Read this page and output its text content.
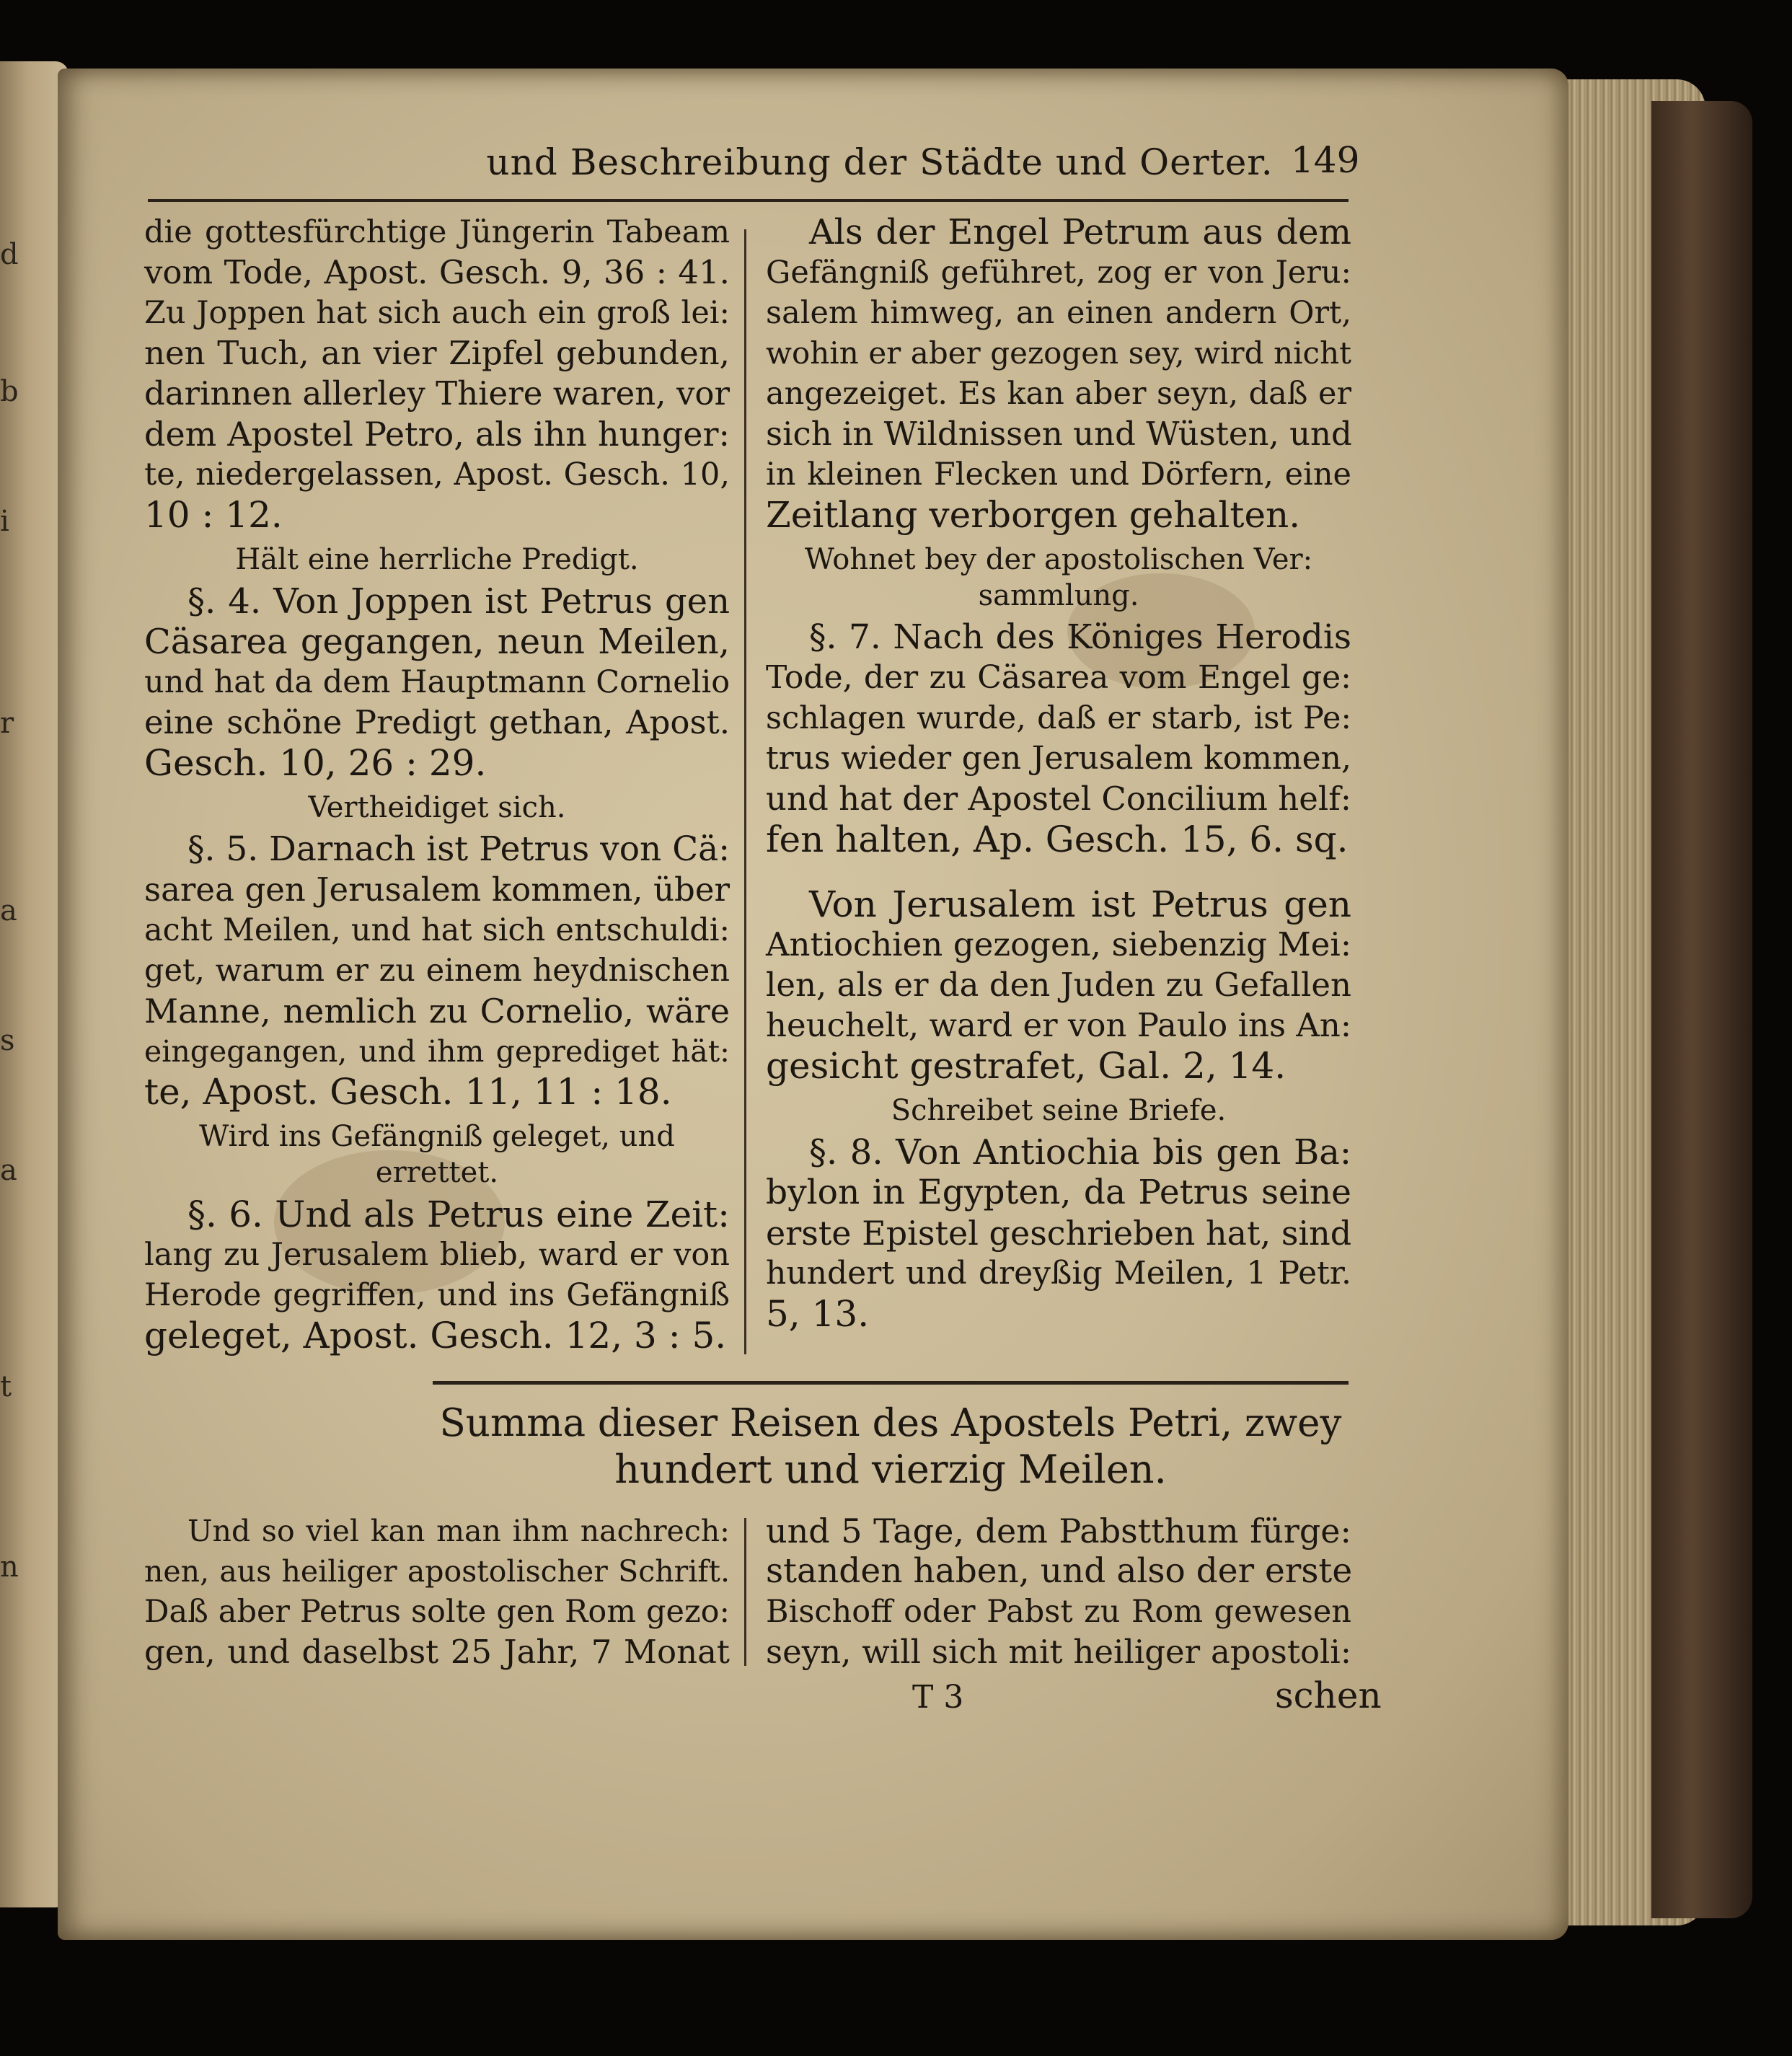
d
b
i
r
a
s
a
t
n
und Beschreibung der Städte und Oerter. 149
die gottesfürchtige Jüngerin Tabeam
vom Tode, Apost. Gesch. 9, 36 : 41.
Zu Joppen hat sich auch ein groß lei:
nen Tuch, an vier Zipfel gebunden,
darinnen allerley Thiere waren, vor
dem Apostel Petro, als ihn hunger:
te, niedergelassen, Apost. Gesch. 10,
10 : 12.
Hält eine herrliche Predigt.
§. 4. Von Joppen ist Petrus gen
Cäsarea gegangen, neun Meilen,
und hat da dem Hauptmann Cornelio
eine schöne Predigt gethan, Apost.
Gesch. 10, 26 : 29.
Vertheidiget sich.
§. 5. Darnach ist Petrus von Cä:
sarea gen Jerusalem kommen, über
acht Meilen, und hat sich entschuldi:
get, warum er zu einem heydnischen
Manne, nemlich zu Cornelio, wäre
eingegangen, und ihm geprediget hät:
te, Apost. Gesch. 11, 11 : 18.
Wird ins Gefängniß geleget, und
errettet.
§. 6. Und als Petrus eine Zeit:
lang zu Jerusalem blieb, ward er von
Herode gegriffen, und ins Gefängniß
geleget, Apost. Gesch. 12, 3 : 5.
Als der Engel Petrum aus dem
Gefängniß geführet, zog er von Jeru:
salem himweg, an einen andern Ort,
wohin er aber gezogen sey, wird nicht
angezeiget. Es kan aber seyn, daß er
sich in Wildnissen und Wüsten, und
in kleinen Flecken und Dörfern, eine
Zeitlang verborgen gehalten.
Wohnet bey der apostolischen Ver:
sammlung.
§. 7. Nach des Königes Herodis
Tode, der zu Cäsarea vom Engel ge:
schlagen wurde, daß er starb, ist Pe:
trus wieder gen Jerusalem kommen,
und hat der Apostel Concilium helf:
fen halten, Ap. Gesch. 15, 6. sq.
Von Jerusalem ist Petrus gen
Antiochien gezogen, siebenzig Mei:
len, als er da den Juden zu Gefallen
heuchelt, ward er von Paulo ins An:
gesicht gestrafet, Gal. 2, 14.
Schreibet seine Briefe.
§. 8. Von Antiochia bis gen Ba:
bylon in Egypten, da Petrus seine
erste Epistel geschrieben hat, sind
hundert und dreyßig Meilen, 1 Petr.
5, 13.
Summa dieser Reisen des Apostels Petri, zwey
hundert und vierzig Meilen.
Und so viel kan man ihm nachrech:
nen, aus heiliger apostolischer Schrift.
Daß aber Petrus solte gen Rom gezo:
gen, und daselbst 25 Jahr, 7 Monat
und 5 Tage, dem Pabstthum fürge:
standen haben, und also der erste
Bischoff oder Pabst zu Rom gewesen
seyn, will sich mit heiliger apostoli:
T 3	schen
